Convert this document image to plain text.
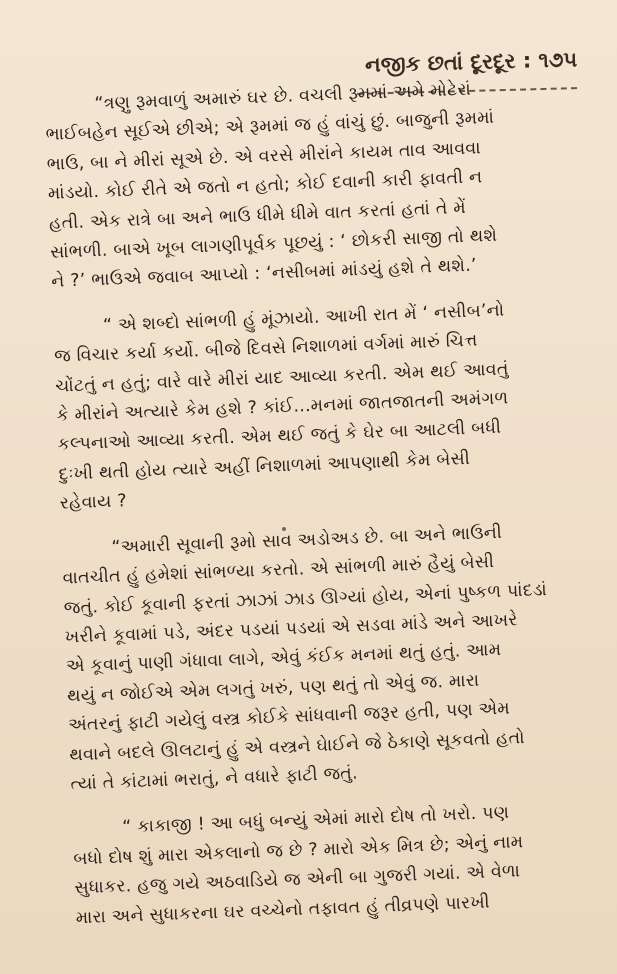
નજીક છતાં દૂરદૂર : ૧૭૫
“ત્રણુ રૂમવાળું અમારું ઘર છે. વચલી રૂમમાં અમે મોટેરાં
ભાઈબહેન સૂઈએ છીએ; એ રૂમમાં જ હું વાંચું છું. બાજુની રૂમમાં
ભાઉ, બા ને મીરાં સૂએ છે. એ વરસે મીરાંને કાયમ તાવ આવવા
માંડયો. કોઈ રીતે એ જતો ન હતો; કોઈ દવાની કારી ફાવતી ન
હતી. એક રાત્રે બા અને ભાઉ ધીમે ધીમે વાત કરતાં હતાં તે મેં
સાંભળી. બાએ ખૂબ લાગણીપૂર્વક પૂછયું : ‘ છોકરી સાજી તો થશે
ને ?’ ભાઉએ જવાબ આપ્યો : ‘નસીબમાં માંડયું હશે તે થશે.’
“ એ શબ્દો સાંભળી હું મૂંઝાયો. આખી રાત મેં ‘ નસીબ’નો
જ વિચાર કર્યા કર્યો. બીજે દિવસે નિશાળમાં વર્ગમાં મારું ચિત્ત
ચોંટતું ન હતું; વારે વારે મીરાં યાદ આવ્યા કરતી. એમ થઈ આવતું
કે મીરાંને અત્યારે કેમ હશે ? કાંઈ...મનમાં જાતજાતની અમંગળ
કલ્પનાઓ આવ્યા કરતી. એમ થઈ જતું કે ઘેર બા આટલી બધી
દુઃખી થતી હોય ત્યારે અહીં નિશાળમાં આપણાથી કેમ બેસી
રહેવાય ?
“અમારી સૂવાની રૂમો સાવ અડોઅડ છે. બા અને ભાઉની
વાતચીત હું હમેશાં સાંભળ્યા કરતો. એ સાંભળી મારું હૈયું બેસી
જતું. કોઈ કૂવાની ફરતાં ઝાઝાં ઝાડ ઊગ્યાં હોય, એનાં પુષ્કળ પાંદડાં
ખરીને કૂવામાં પડે, અંદર પડયાં પડયાં એ સડવા માંડે અને આખરે
એ કૂવાનું પાણી ગંધાવા લાગે, એવું કંઈક મનમાં થતું હતું. આમ
થયું ન જોઈએ એમ લગતું ખરું, પણ થતું તો એવું જ. મારા
અંતરનું ફાટી ગયેલું વસ્ત્ર કોઈકે સાંધવાની જરૂર હતી, પણ એમ
થવાને બદલે ઊલટાનું હું એ વસ્ત્રને ઘેાઈને જે ઠેકાણે સૂકવતો હતો
ત્યાં તે કાંટામાં ભરાતું, ને વધારે ફાટી જતું.
“ કાકાજી ! આ બધું બન્યું એમાં મારો દોષ તો ખરો. પણ
બધો દોષ શું મારા એકલાનો જ છે ? મારો એક મિત્ર છે; એનું નામ
સુધાકર. હજુ ગયે અઠવાડિયે જ એની બા ગુજરી ગયાં. એ વેળા
મારા અને સુધાકરના ઘર વચ્ચેનો તફાવત હું તીવ્રપણે પારખી
